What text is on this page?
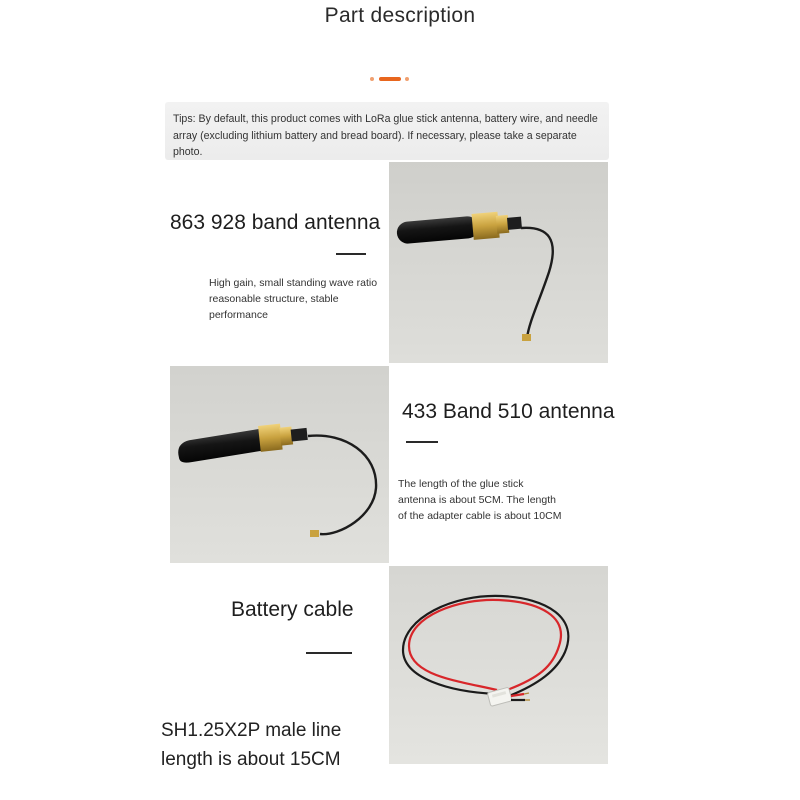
Part description
Tips: By default, this product comes with LoRa glue stick antenna, battery wire, and needle array (excluding lithium battery and bread board). If necessary, please take a separate photo.
863 928 band antenna
High gain, small standing wave ratio reasonable structure, stable performance
433 Band 510 antenna
The length of the glue stick antenna is about 5CM. The length of the adapter cable is about 10CM
Battery cable
SH1.25X2P male line
length is about 15CM
